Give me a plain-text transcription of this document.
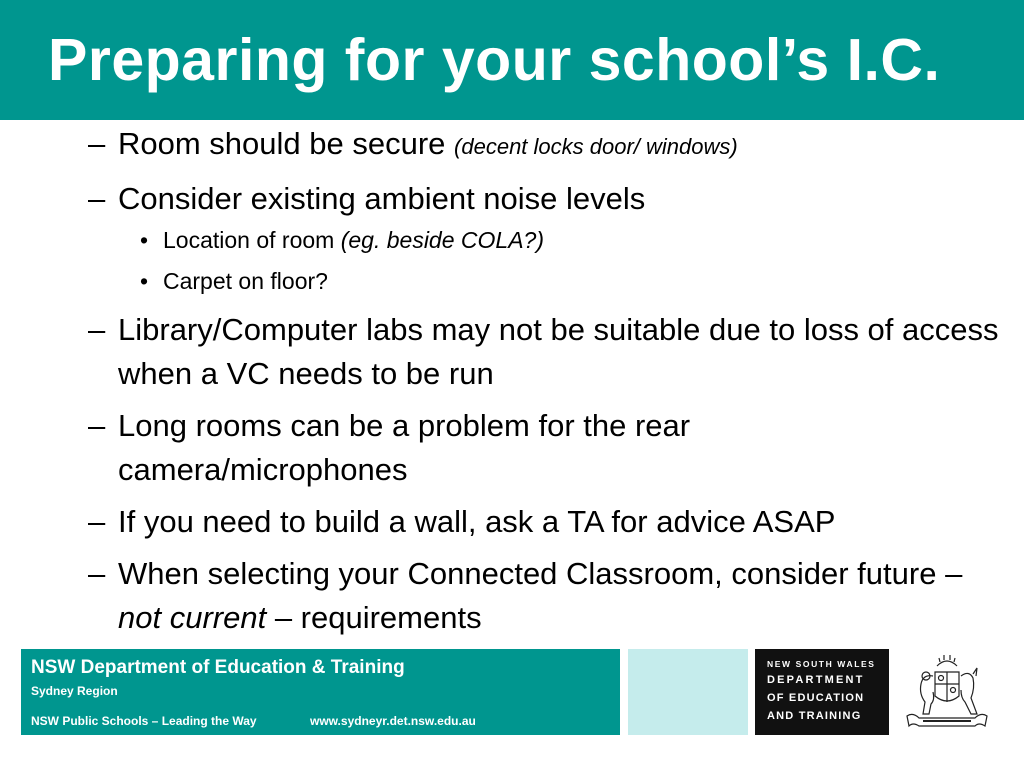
Preparing for your school’s I.C.

– Room should be secure (decent locks door/ windows)

– Consider existing ambient noise levels

• Location of room (eg. beside COLA?)

• Carpet on floor?

– Library/Computer labs may not be suitable due to loss of access when a VC needs to be run

– Long rooms can be a problem for the rear camera/microphones

– If you need to build a wall, ask a TA for advice ASAP

– When selecting your Connected Classroom, consider future – not current – requirements

NSW Department of Education & Training
Sydney Region
NSW Public Schools – Leading the Way	www.sydneyr.det.nsw.edu.au
NEW SOUTH WALES
DEPARTMENT
OF EDUCATION
AND TRAINING
